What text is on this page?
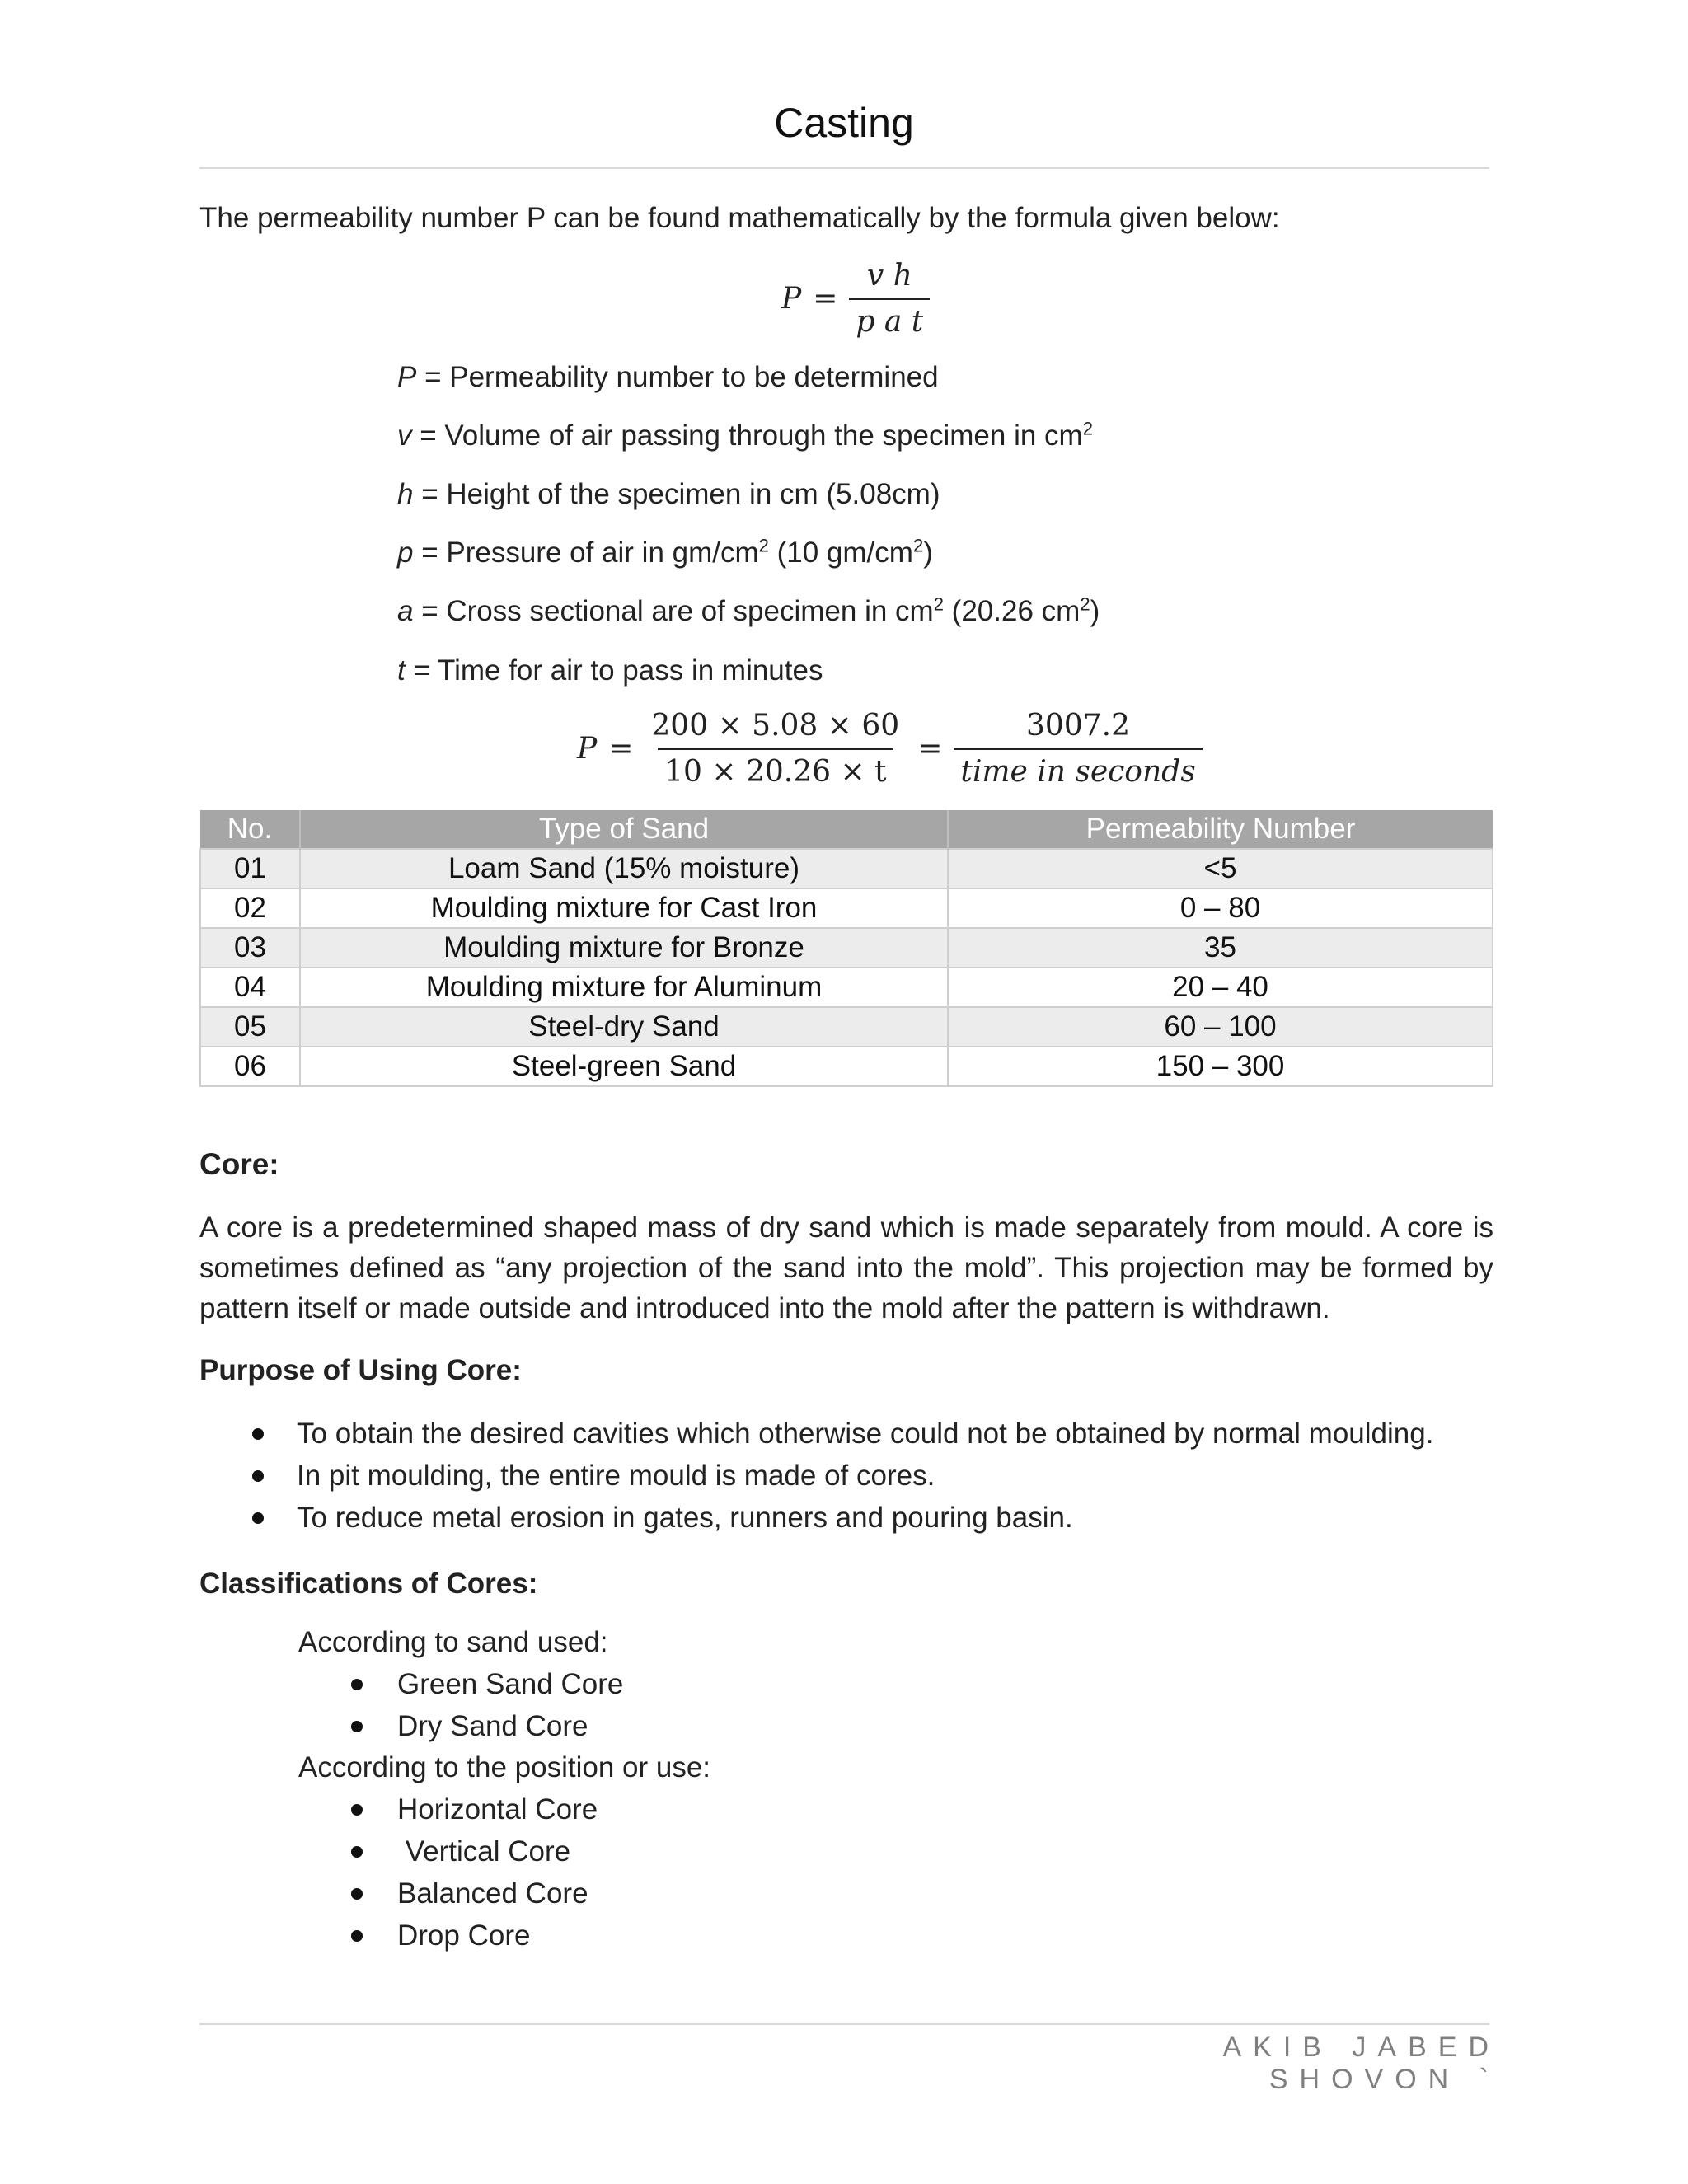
Casting
The permeability number P can be found mathematically by the formula given below:
$P = \frac{\text{v h}}{\text{p a t}}$
P = Permeability number to be determined
v = Volume of air passing through the specimen in $cm^2$
h = Height of the specimen in cm (5.08cm)
p = Pressure of air in $gm/cm^2$ (10 $gm/cm^2$)
a = Cross sectional are of specimen in $cm^2$ (20.26 $cm^2$)
t = Time for air to pass in minutes
$P = \frac{200 \times 5.08 \times 60}{10 \times 20.26 \times t} = \frac{3007.2}{\text{time in seconds}}$
No.	Type of Sand	Permeability Number
01	Loam Sand (15% moisture)	<5
02	Moulding mixture for Cast Iron	0 – 80
03	Moulding mixture for Bronze	35
04	Moulding mixture for Aluminum	20 – 40
05	Steel-dry Sand	60 – 100
06	Steel-green Sand	150 – 300
Core:
A core is a predetermined shaped mass of dry sand which is made separately from mould. A core is sometimes defined as “any projection of the sand into the mold”. This projection may be formed by pattern itself or made outside and introduced into the mold after the pattern is withdrawn.
Purpose of Using Core:
To obtain the desired cavities which otherwise could not be obtained by normal moulding.
In pit moulding, the entire mould is made of cores.
To reduce metal erosion in gates, runners and pouring basin.
Classifications of Cores:
According to sand used:
Green Sand Core
Dry Sand Core
According to the position or use:
Horizontal Core
Vertical Core
Balanced Core
Drop Core
AKIB JABED SHOVON `
